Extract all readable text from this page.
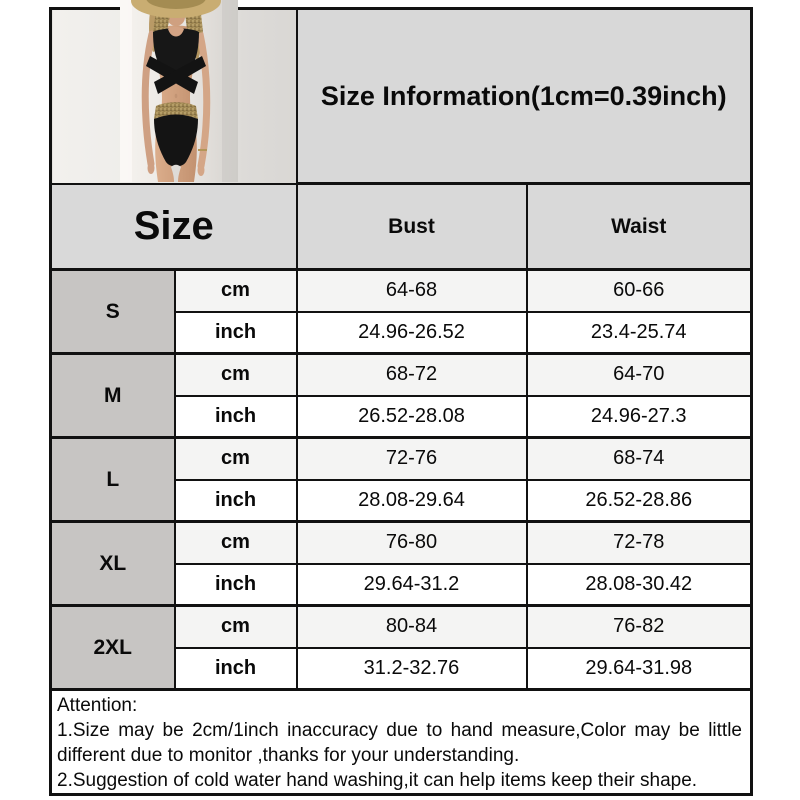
		Size Information(1cm=0.39inch)	
Size		Bust	Waist
S	cm	64-68	60-66
	inch	24.96-26.52	23.4-25.74
M	cm	68-72	64-70
	inch	26.52-28.08	24.96-27.3
L	cm	72-76	68-74
	inch	28.08-29.64	26.52-28.86
XL	cm	76-80	72-78
	inch	29.64-31.2	28.08-30.42
2XL	cm	80-84	76-82
	inch	31.2-32.76	29.64-31.98

Attention:
1.Size may be 2cm/1inch inaccuracy due to hand measure,Color may be little
different due to monitor ,thanks for your understanding.
2.Suggestion of cold water hand washing,it can help items keep their shape.			
